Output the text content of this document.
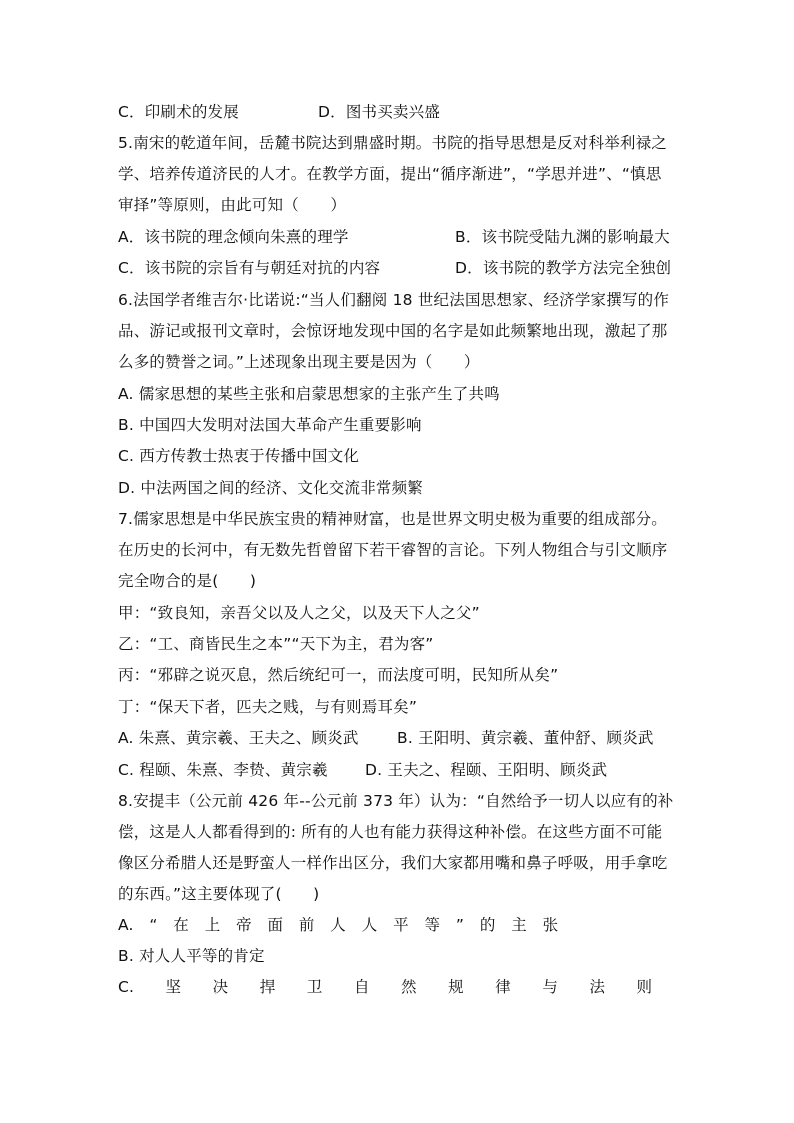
C．印刷术的发展	D．图书买卖兴盛
5.南宋的乾道年间，岳麓书院达到鼎盛时期。书院的指导思想是反对科举利禄之
学、培养传道济民的人才。在教学方面，提出“循序渐进”，“学思并进”、“慎思
审择”等原则，由此可知（　　）
A．该书院的理念倾向朱熹的理学	B．该书院受陆九渊的影响最大
C．该书院的宗旨有与朝廷对抗的内容	D．该书院的教学方法完全独创
6.法国学者维吉尔·比诺说:“当人们翻阅 18 世纪法国思想家、经济学家撰写的作
品、游记或报刊文章时，会惊讶地发现中国的名字是如此频繁地出现，激起了那
么多的赞誉之词。”上述现象出现主要是因为（　　）
A. 儒家思想的某些主张和启蒙思想家的主张产生了共鸣
B. 中国四大发明对法国大革命产生重要影响
C. 西方传教士热衷于传播中国文化
D. 中法两国之间的经济、文化交流非常频繁
7.儒家思想是中华民族宝贵的精神财富，也是世界文明史极为重要的组成部分。
在历史的长河中，有无数先哲曾留下若干睿智的言论。下列人物组合与引文顺序
完全吻合的是(　　)
甲：“致良知，亲吾父以及人之父，以及天下人之父”
乙：“工、商皆民生之本”“天下为主，君为客”
丙：“邪辟之说灭息，然后统纪可一，而法度可明，民知所从矣”
丁：“保天下者，匹夫之贱，与有则焉耳矣”
A. 朱熹、黄宗羲、王夫之、顾炎武 B. 王阳明、黄宗羲、董仲舒、顾炎武
C. 程颐、朱熹、李贽、黄宗羲 D. 王夫之、程颐、王阳明、顾炎武
8.安提丰（公元前 426 年--公元前 373 年）认为：“自然给予一切人以应有的补
偿，这是人人都看得到的: 所有的人也有能力获得这种补偿。在这些方面不可能
像区分希腊人还是野蛮人一样作出区分，我们大家都用嘴和鼻子呼吸，用手拿吃
的东西。”这主要体现了(　　)
A.　“　在　上　帝　面　前　人　人　平　等　”　的　主　张
B. 对人人平等的肯定
C.　　坚　　决　　捍　　卫　　自　　然　　规　　律　　与　　法　　则
